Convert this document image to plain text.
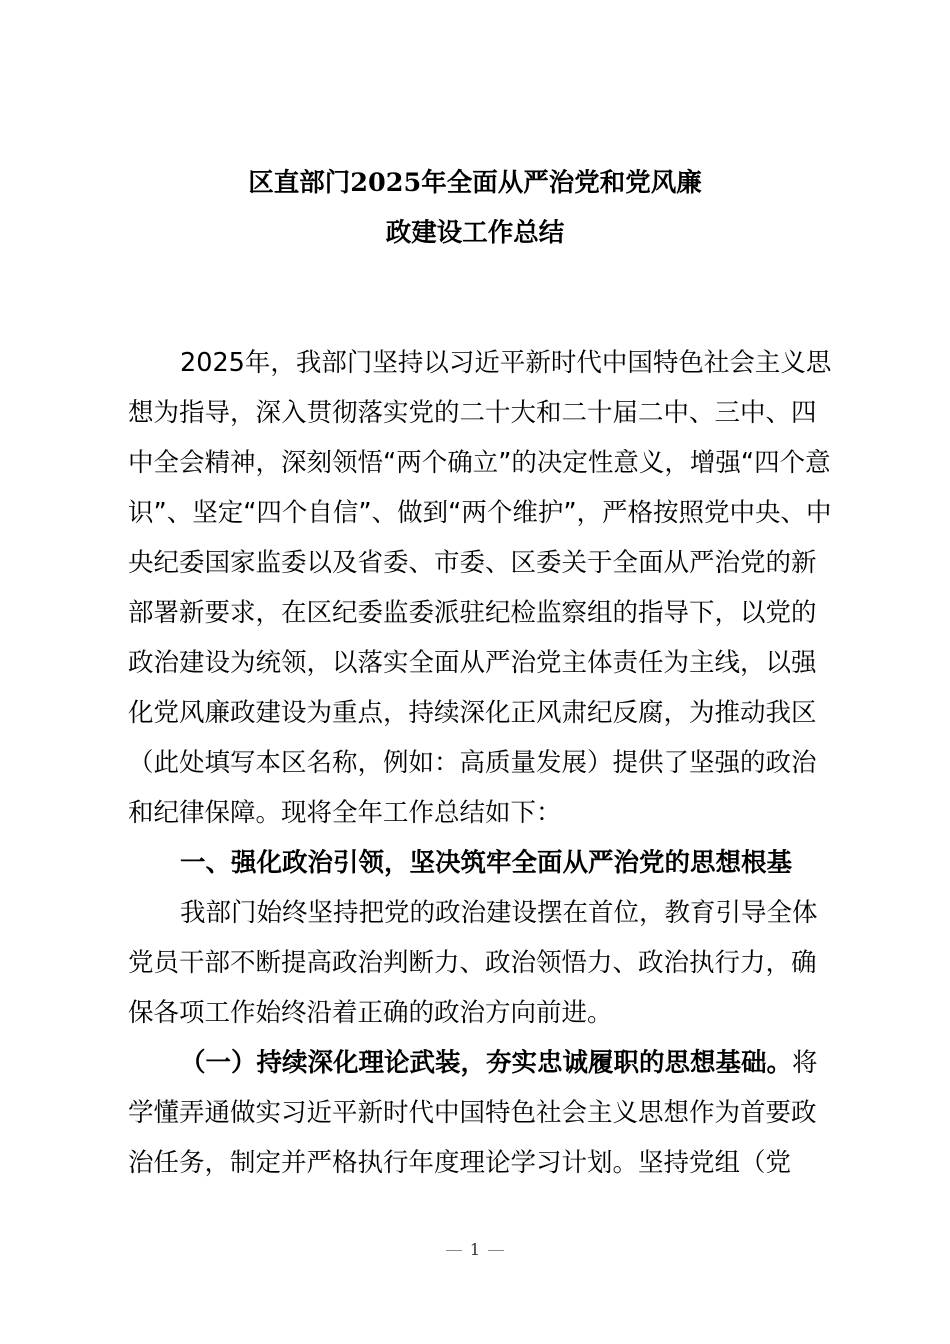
区直部门2025年全面从严治党和党风廉
政建设工作总结
2025年，我部门坚持以习近平新时代中国特色社会主义思
想为指导，深入贯彻落实党的二十大和二十届二中、三中、四
中全会精神，深刻领悟“两个确立”的决定性意义，增强“四个意
识”、坚定“四个自信”、做到“两个维护”，严格按照党中央、中
央纪委国家监委以及省委、市委、区委关于全面从严治党的新
部署新要求，在区纪委监委派驻纪检监察组的指导下，以党的
政治建设为统领，以落实全面从严治党主体责任为主线，以强
化党风廉政建设为重点，持续深化正风肃纪反腐，为推动我区
（此处填写本区名称，例如：高质量发展）提供了坚强的政治
和纪律保障。现将全年工作总结如下：
一、强化政治引领，坚决筑牢全面从严治党的思想根基
我部门始终坚持把党的政治建设摆在首位，教育引导全体
党员干部不断提高政治判断力、政治领悟力、政治执行力，确
保各项工作始终沿着正确的政治方向前进。
（一）持续深化理论武装，夯实忠诚履职的思想基础。将
学懂弄通做实习近平新时代中国特色社会主义思想作为首要政
治任务，制定并严格执行年度理论学习计划。坚持党组（党
1
